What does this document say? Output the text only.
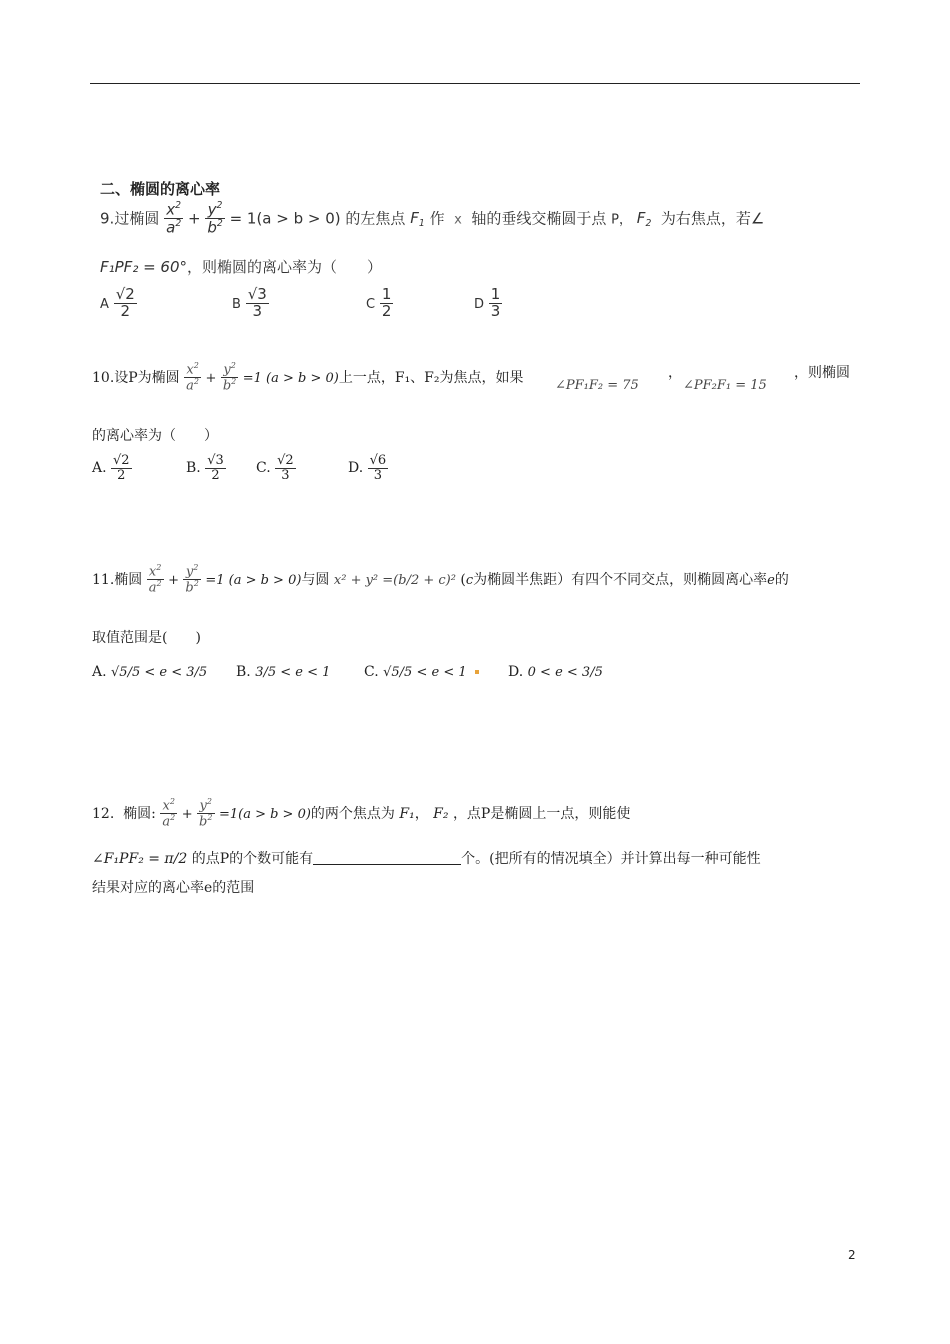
二、椭圆的离心率
9.过椭圆 $\frac{x^2}{a^2} + \frac{y^2}{b^2} = 1(a > b > 0)$ 的左焦点 $F_1$ 作 x 轴的垂线交椭圆于点 P， $F_2$ 为右焦点，若∠
F₁PF₂ = 60°，则椭圆的离心率为（　　）
A $\frac{√2}{2}$	B $\frac{√3}{3}$	C $\frac{1}{2}$	D $\frac{1}{3}$
10.设P为椭圆 $\frac{x^2}{a^2} + \frac{y^2}{b^2} =1$ (a > b > 0)上一点，F₁、F₂为焦点，如果 ∠PF₁F₂ = 75
，
∠PF₂F₁ = 15
，则椭圆
的离心率为（　　）
A. $\frac{√2}{2}$	B. $\frac{√3}{2} C$. $\frac{√2}{3}$	D. $\frac{√6}{3}$
11.椭圆 $\frac{x^2}{a^2} + \frac{y^2}{b^2} =1$ (a > b > 0)与圆 x² + y² =(b/2 + c)² (c为椭圆半焦距）有四个不同交点，则椭圆离心率e的
取值范围是(　　)
A. √5/5 < e < 3/5 B. 3/5 < e < 1 C. √5/5 < e < 1	D. 0 < e < 3/5
12. 椭圆: $\frac{x^2}{a^2} + \frac{y^2}{b^2} =1(a > b > 0)$的两个焦点为 F₁， F₂ ，点P是椭圆上一点，则能使
∠F₁PF₂ = π/2 的点P的个数可能有	个。(把所有的情况填全）并计算出每一种可能性
结果对应的离心率e的范围
2
